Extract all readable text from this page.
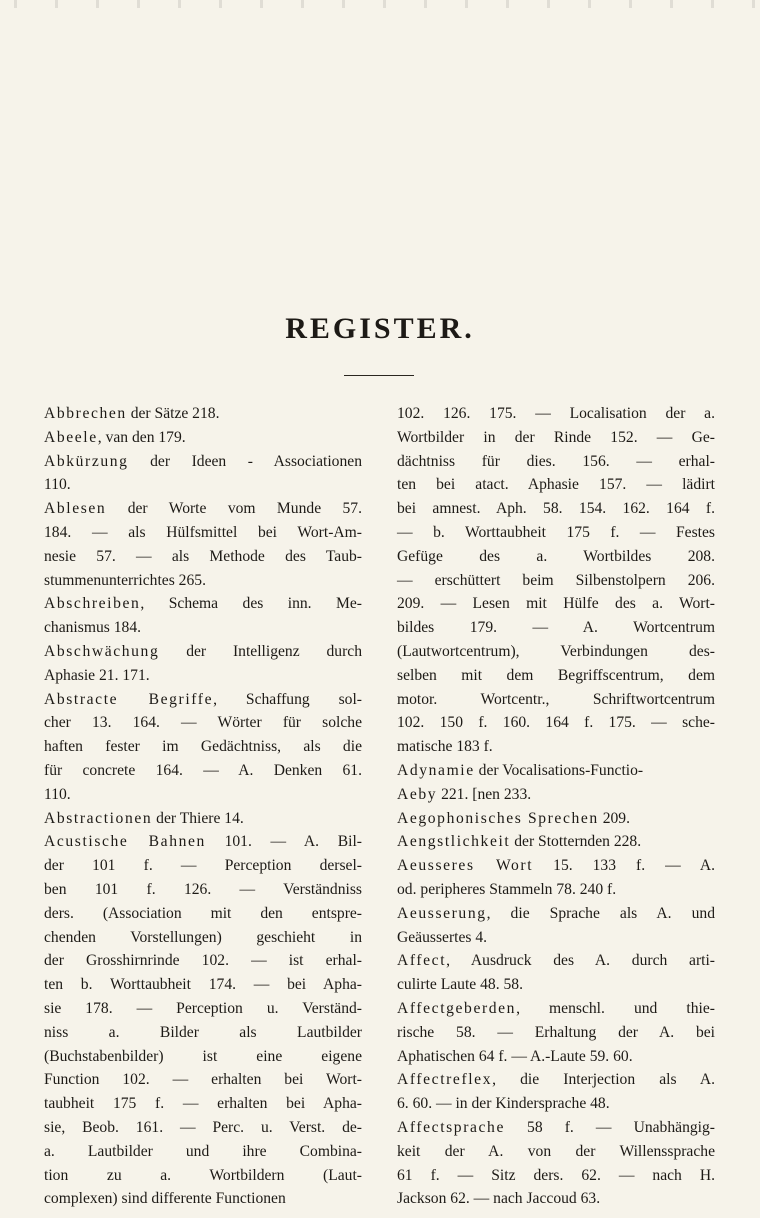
REGISTER.
Abbrechen der Sätze 218.
Abeele, van den 179.
Abkürzung der Ideen - Associationen
110.
Ablesen der Worte vom Munde 57.
184. — als Hülfsmittel bei Wort-Am-
nesie 57. — als Methode des Taub-
stummenunterrichtes 265.
Abschreiben, Schema des inn. Me-
chanismus 184.
Abschwächung der Intelligenz durch
Aphasie 21. 171.
Abstracte Begriffe, Schaffung sol-
cher 13. 164. — Wörter für solche
haften fester im Gedächtniss, als die
für concrete 164. — A. Denken 61.
110.
Abstractionen der Thiere 14.
Acustische Bahnen 101. — A. Bil-
der 101 f. — Perception dersel-
ben 101 f. 126. — Verständniss
ders. (Association mit den entspre-
chenden Vorstellungen) geschieht in
der Grosshirnrinde 102. — ist erhal-
ten b. Worttaubheit 174. — bei Apha-
sie 178. — Perception u. Verständ-
niss a. Bilder als Lautbilder
(Buchstabenbilder) ist eine eigene
Function 102. — erhalten bei Wort-
taubheit 175 f. — erhalten bei Apha-
sie, Beob. 161. — Perc. u. Verst. de-
a. Lautbilder und ihre Combina-
tion zu a. Wortbildern (Laut-
complexen) sind differente Functionen
102. 126. 175. — Localisation der a.
Wortbilder in der Rinde 152. — Ge-
dächtniss für dies. 156. — erhal-
ten bei atact. Aphasie 157. — lädirt
bei amnest. Aph. 58. 154. 162. 164 f.
— b. Worttaubheit 175 f. — Festes
Gefüge des a. Wortbildes 208.
— erschüttert beim Silbenstolpern 206.
209. — Lesen mit Hülfe des a. Wort-
bildes 179. — A. Wortcentrum
(Lautwortcentrum), Verbindungen des-
selben mit dem Begriffscentrum, dem
motor. Wortcentr., Schriftwortcentrum
102. 150 f. 160. 164 f. 175. — sche-
matische 183 f.
Adynamie der Vocalisations-Functio-
Aeby 221. [nen 233.
Aegophonisches Sprechen 209.
Aengstlichkeit der Stotternden 228.
Aeusseres Wort 15. 133 f. — A.
od. peripheres Stammeln 78. 240 f.
Aeusserung, die Sprache als A. und
Geäussertes 4.
Affect, Ausdruck des A. durch arti-
culirte Laute 48. 58.
Affectgeberden, menschl. und thie-
rische 58. — Erhaltung der A. bei
Aphatischen 64 f. — A.-Laute 59. 60.
Affectreflex, die Interjection als A.
6. 60. — in der Kindersprache 48.
Affectsprache 58 f. — Unabhängig-
keit der A. von der Willenssprache
61 f. — Sitz ders. 62. — nach H.
Jackson 62. — nach Jaccoud 63.
